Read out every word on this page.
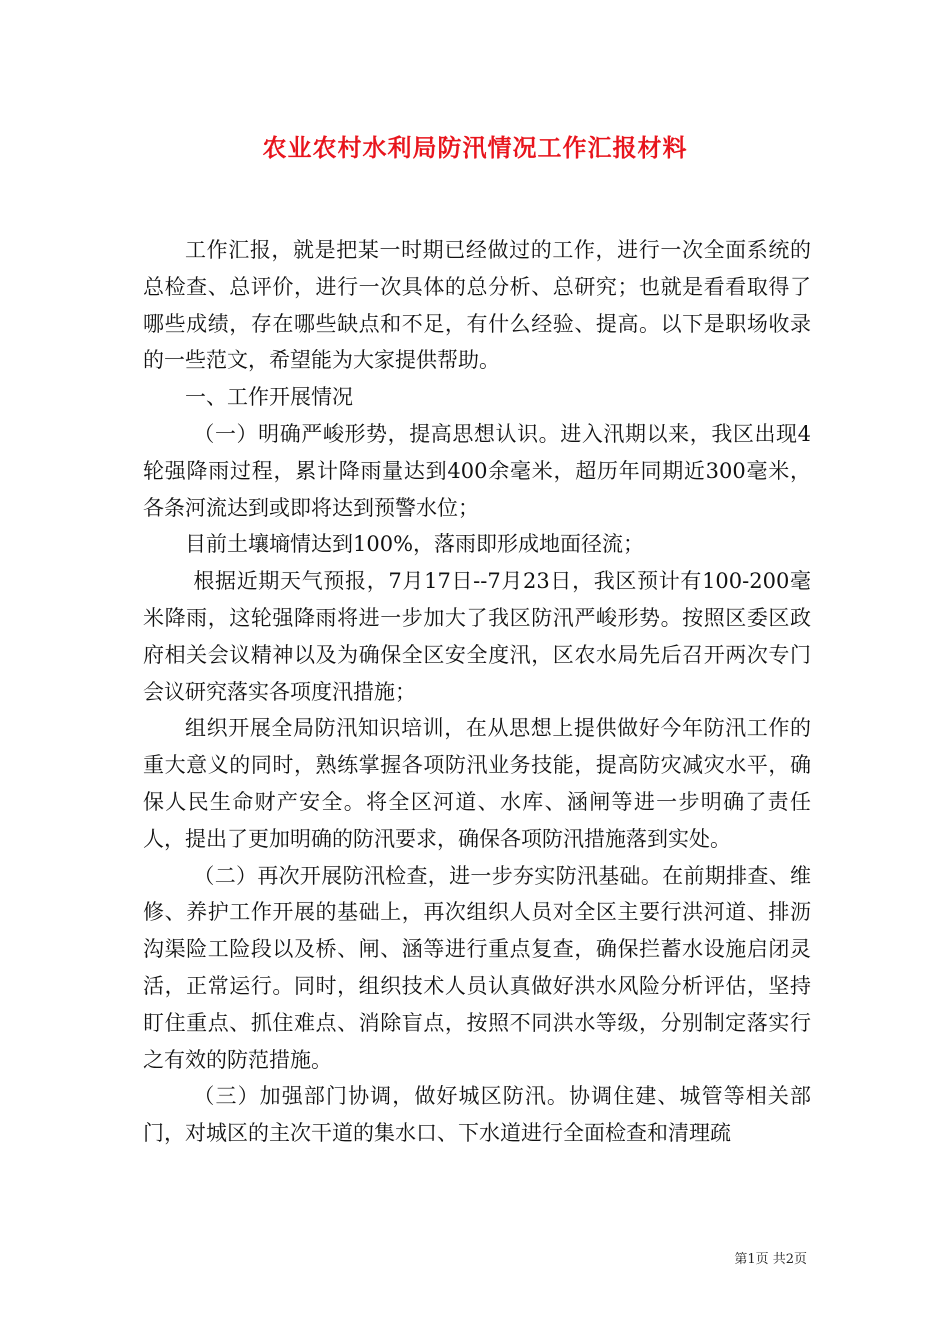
农业农村水利局防汛情况工作汇报材料

工作汇报，就是把某一时期已经做过的工作，进行一次全面系统的总检查、总评价，进行一次具体的总分析、总研究；也就是看看取得了哪些成绩，存在哪些缺点和不足，有什么经验、提高。以下是职场收录的一些范文，希望能为大家提供帮助。

一、工作开展情况

（一）明确严峻形势，提高思想认识。进入汛期以来，我区出现4轮强降雨过程，累计降雨量达到400余毫米，超历年同期近300毫米，各条河流达到或即将达到预警水位；

目前土壤墒情达到100%，落雨即形成地面径流；

根据近期天气预报，7月17日--7月23日，我区预计有100-200毫米降雨，这轮强降雨将进一步加大了我区防汛严峻形势。按照区委区政府相关会议精神以及为确保全区安全度汛，区农水局先后召开两次专门会议研究落实各项度汛措施；

组织开展全局防汛知识培训，在从思想上提供做好今年防汛工作的重大意义的同时，熟练掌握各项防汛业务技能，提高防灾减灾水平，确保人民生命财产安全。将全区河道、水库、涵闸等进一步明确了责任人，提出了更加明确的防汛要求，确保各项防汛措施落到实处。

（二）再次开展防汛检查，进一步夯实防汛基础。在前期排查、维修、养护工作开展的基础上，再次组织人员对全区主要行洪河道、排沥沟渠险工险段以及桥、闸、涵等进行重点复查，确保拦蓄水设施启闭灵活，正常运行。同时，组织技术人员认真做好洪水风险分析评估，坚持盯住重点、抓住难点、消除盲点，按照不同洪水等级，分别制定落实行之有效的防范措施。

（三）加强部门协调，做好城区防汛。协调住建、城管等相关部门，对城区的主次干道的集水口、下水道进行全面检查和清理疏

第1页 共2页
